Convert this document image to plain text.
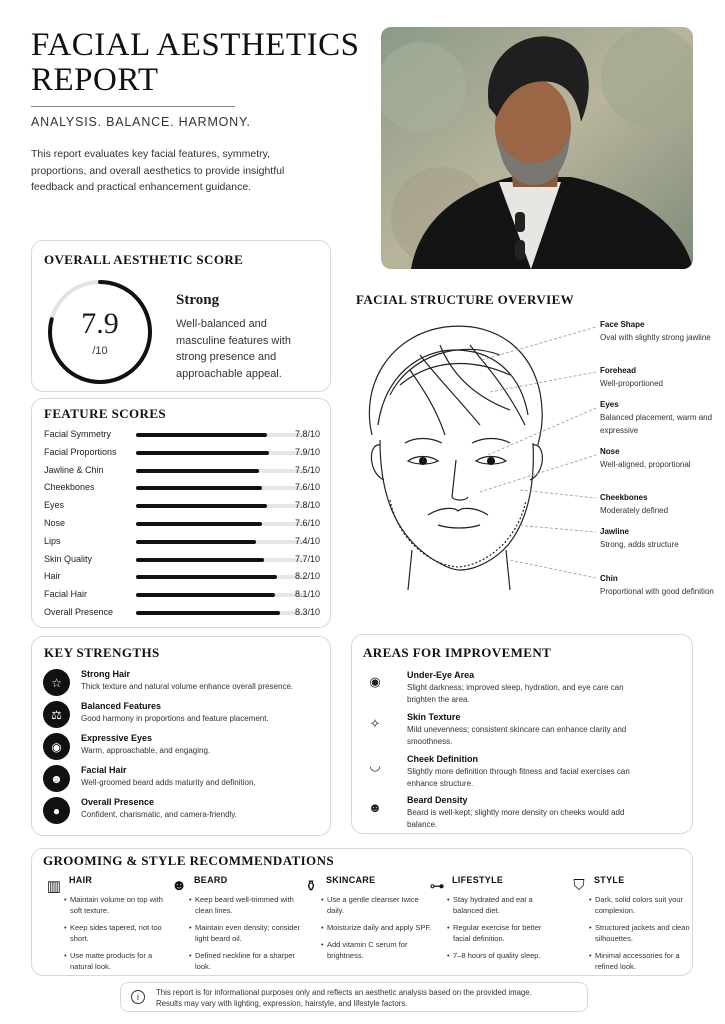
FACIAL AESTHETICS
REPORT
ANALYSIS. BALANCE. HARMONY.
This report evaluates key facial features, symmetry, proportions, and overall aesthetics to provide insightful feedback and practical enhancement guidance.
OVERALL AESTHETIC SCORE
7.9
/10
Strong
Well-balanced and masculine features with strong presence and approachable appeal.
FEATURE SCORES
Facial Symmetry	7.8/10
Facial Proportions	7.9/10
Jawline & Chin	7.5/10
Cheekbones	7.6/10
Eyes	7.8/10
Nose	7.6/10
Lips	7.4/10
Skin Quality	7.7/10
Hair	8.2/10
Facial Hair	8.1/10
Overall Presence	8.3/10
FACIAL STRUCTURE OVERVIEW
Face Shape
Oval with slightly strong jawline
Forehead
Well-proportioned
Eyes
Balanced placement, warm and expressive
Nose
Well-aligned, proportional
Cheekbones
Moderately defined
Jawline
Strong, adds structure
Chin
Proportional with good definition
KEY STRENGTHS
☆
Strong Hair
Thick texture and natural volume enhance overall presence.
⚖
Balanced Features
Good harmony in proportions and feature placement.
◉
Expressive Eyes
Warm, approachable, and engaging.
☻
Facial Hair
Well-groomed beard adds maturity and definition.
●
Overall Presence
Confident, charismatic, and camera-friendly.
AREAS FOR IMPROVEMENT
◉	Under-Eye Area
Slight darkness; improved sleep, hydration, and eye care can brighten the area.
✧	Skin Texture
Mild unevenness; consistent skincare can enhance clarity and smoothness.
◡	Cheek Definition
Slightly more definition through fitness and facial exercises can enhance structure.
☻	Beard Density
Beard is well-kept; slightly more density on cheeks would add balance.
GROOMING & STYLE RECOMMENDATIONS
▥ HAIR
• Maintain volume on top with soft texture.
• Keep sides tapered, not too short.
• Use matte products for a natural look.
☻ BEARD
• Keep beard well-trimmed with clean lines.
• Maintain even density; consider light beard oil.
• Defined neckline for a sharper look.
⚱ SKINCARE
• Use a gentle cleanser twice daily.
• Moisturize daily and apply SPF.
• Add vitamin C serum for brightness.
⊶ LIFESTYLE
• Stay hydrated and eat a balanced diet.
• Regular exercise for better facial definition.
• 7–8 hours of quality sleep.
⛉	STYLE
• Dark, solid colors suit your complexion.
• Structured jackets and clean silhouettes.
• Minimal accessories for a refined look.
i	This report is for informational purposes only and reflects an aesthetic analysis based on the provided image.
Results may vary with lighting, expression, hairstyle, and lifestyle factors.
